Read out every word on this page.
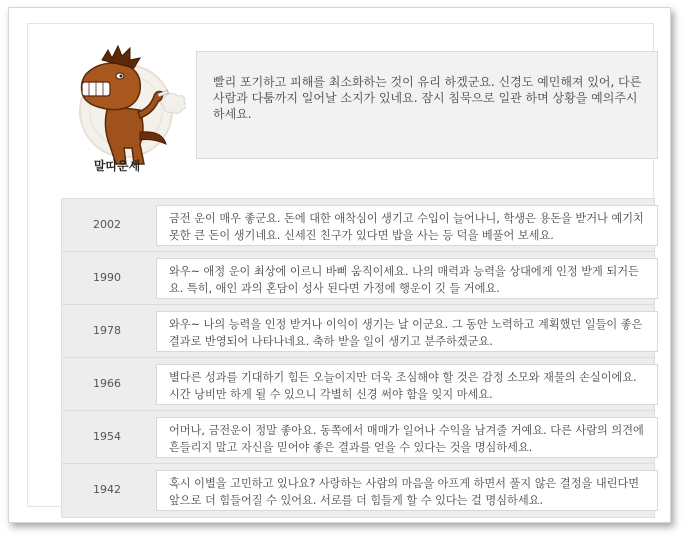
말띠운세
빨리 포기하고 피해를 최소화하는 것이 유리 하겠군요. 신경도 예민해져 있어, 다른 사람과 다툼까지 일어날 소지가 있네요. 잠시 침묵으로 일관 하며 상황을 예의주시 하세요.
2002	금전 운이 매우 좋군요. 돈에 대한 애착심이 생기고 수입이 늘어나니, 학생은 용돈을 받거나 예기치 못한 큰 돈이 생기네요. 신세진 친구가 있다면 밥을 사는 등 덕을 베풀어 보세요.
1990	와우~ 애정 운이 최상에 이르니 바삐 움직이세요. 나의 매력과 능력을 상대에게 인정 받게 되거든요. 특히, 애인 과의 혼담이 성사 된다면 가정에 행운이 깃 들 거에요.
1978	와우~ 나의 능력을 인정 받거나 이익이 생기는 날 이군요. 그 동안 노력하고 계획했던 일들이 좋은 결과로 반영되어 나타나네요. 축하 받을 일이 생기고 분주하겠군요.
1966	별다른 성과를 기대하기 힘든 오늘이지만 더욱 조심해야 할 것은 감정 소모와 재물의 손실이에요. 시간 낭비만 하게 될 수 있으니 각별히 신경 써야 함을 잊지 마세요.
1954	어머나, 금전운이 정말 좋아요. 동쪽에서 매매가 일어나 수익을 남겨줄 거예요. 다른 사람의 의견에 흔들리지 말고 자신을 믿어야 좋은 결과를 얻을 수 있다는 것을 명심하세요.
1942	혹시 이별을 고민하고 있나요? 사랑하는 사람의 마음을 아프게 하면서 풀지 않은 결정을 내린다면 앞으로 더 힘들어질 수 있어요. 서로를 더 힘들게 할 수 있다는 걸 명심하세요.
